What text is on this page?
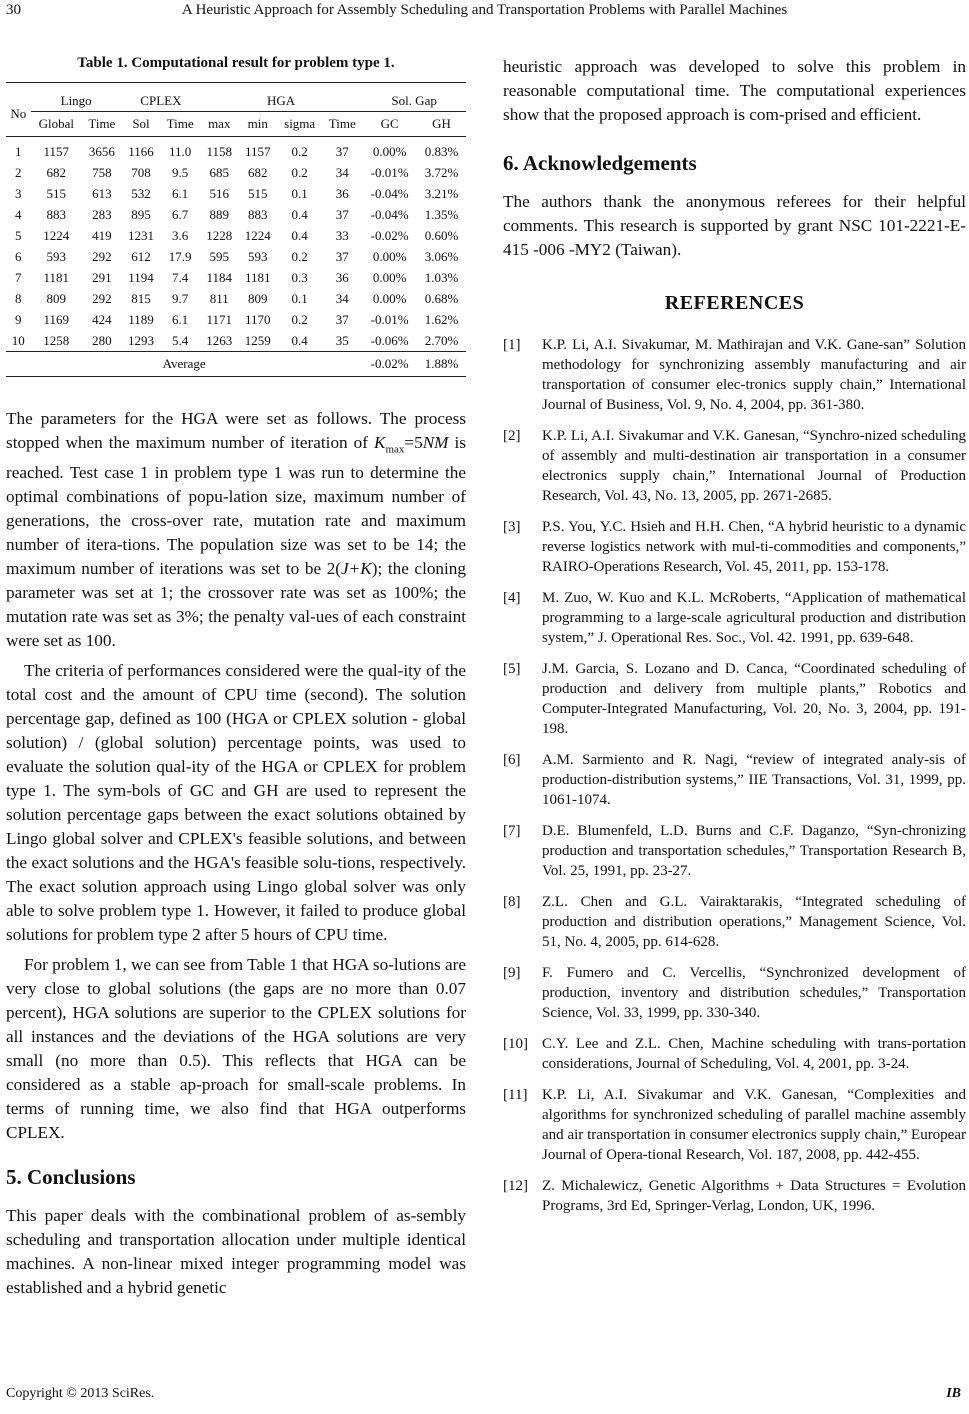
30	A Heuristic Approach for Assembly Scheduling and Transportation Problems with Parallel Machines
Table 1. Computational result for problem type 1.
No	Lingo		CPLEX		HGA				Sol. Gap	
	Global	Time	Sol	Time	max	min	sigma	Time	GC	GH
1	1157	3656	1166	11.0	1158	1157	0.2	37	0.00%	0.83%
2	682	758	708	9.5	685	682	0.2	34	-0.01%	3.72%
3	515	613	532	6.1	516	515	0.1	36	-0.04%	3.21%
4	883	283	895	6.7	889	883	0.4	37	-0.04%	1.35%
5	1224	419	1231	3.6	1228	1224	0.4	33	-0.02%	0.60%
6	593	292	612	17.9	595	593	0.2	37	0.00%	3.06%
7	1181	291	1194	7.4	1184	1181	0.3	36	0.00%	1.03%
8	809	292	815	9.7	811	809	0.1	34	0.00%	0.68%
9	1169	424	1189	6.1	1171	1170	0.2	37	-0.01%	1.62%
10	1258	280	1293	5.4	1263	1259	0.4	35	-0.06%	2.70%
Average									-0.02%	1.88%

The parameters for the HGA were set as follows. The process stopped when the maximum number of iteration of $K_{max}=5NM$ is reached. Test case 1 in problem type 1 was run to determine the optimal combinations of popu-lation size, maximum number of generations, the cross-over rate, mutation rate and maximum number of itera-tions. The population size was set to be 14; the maximum number of iterations was set to be 2(J+K); the cloning parameter was set at 1; the crossover rate was set as 100%; the mutation rate was set as 3%; the penalty val-ues of each constraint were set as 100.

The criteria of performances considered were the qual-ity of the total cost and the amount of CPU time (second). The solution percentage gap, defined as 100 (HGA or CPLEX solution - global solution) / (global solution) percentage points, was used to evaluate the solution qual-ity of the HGA or CPLEX for problem type 1. The sym-bols of GC and GH are used to represent the solution percentage gaps between the exact solutions obtained by Lingo global solver and CPLEX's feasible solutions, and between the exact solutions and the HGA's feasible solu-tions, respectively. The exact solution approach using Lingo global solver was only able to solve problem type 1. However, it failed to produce global solutions for problem type 2 after 5 hours of CPU time.

For problem 1, we can see from Table 1 that HGA so-lutions are very close to global solutions (the gaps are no more than 0.07 percent), HGA solutions are superior to the CPLEX solutions for all instances and the deviations of the HGA solutions are very small (no more than 0.5). This reflects that HGA can be considered as a stable ap-proach for small-scale problems. In terms of running time, we also find that HGA outperforms CPLEX.

5. Conclusions

This paper deals with the combinational problem of as-sembly scheduling and transportation allocation under multiple identical machines. A non-linear mixed integer programming model was established and a hybrid genetic

heuristic approach was developed to solve this problem in reasonable computational time. The computational experiences show that the proposed approach is com-prised and efficient.

6. Acknowledgements

The authors thank the anonymous referees for their helpful comments. This research is supported by grant NSC 101-2221-E-415 -006 -MY2 (Taiwan).

REFERENCES
[1]	K.P. Li, A.I. Sivakumar, M. Mathirajan and V.K. Gane-san” Solution methodology for synchronizing assembly manufacturing and air transportation of consumer elec-tronics supply chain,” International Journal of Business, Vol. 9, No. 4, 2004, pp. 361-380.
[2]	K.P. Li, A.I. Sivakumar and V.K. Ganesan, “Synchro-nized scheduling of assembly and multi-destination air transportation in a consumer electronics supply chain,” International Journal of Production Research, Vol. 43, No. 13, 2005, pp. 2671-2685.
[3]	P.S. You, Y.C. Hsieh and H.H. Chen, “A hybrid heuristic to a dynamic reverse logistics network with mul-ti-commodities and components,” RAIRO-Operations Research, Vol. 45, 2011, pp. 153-178.
[4]	M. Zuo, W. Kuo and K.L. McRoberts, “Application of mathematical programming to a large-scale agricultural production and distribution system,” J. Operational Res. Soc., Vol. 42. 1991, pp. 639-648.
[5]	J.M. Garcia, S. Lozano and D. Canca, “Coordinated scheduling of production and delivery from multiple plants,” Robotics and Computer-Integrated Manufacturing, Vol. 20, No. 3, 2004, pp. 191-198.
[6]	A.M. Sarmiento and R. Nagi, “review of integrated analy-sis of production-distribution systems,” IIE Transactions, Vol. 31, 1999, pp. 1061-1074.
[7]	D.E. Blumenfeld, L.D. Burns and C.F. Daganzo, “Syn-chronizing production and transportation schedules,” Transportation Research B, Vol. 25, 1991, pp. 23-27.
[8]	Z.L. Chen and G.L. Vairaktarakis, “Integrated scheduling of production and distribution operations,” Management Science, Vol. 51, No. 4, 2005, pp. 614-628.
[9]	F. Fumero and C. Vercellis, “Synchronized development of production, inventory and distribution schedules,” Transportation Science, Vol. 33, 1999, pp. 330-340.
[10] C.Y. Lee and Z.L. Chen, Machine scheduling with trans-portation considerations, Journal of Scheduling, Vol. 4, 2001, pp. 3-24.
[11] K.P. Li, A.I. Sivakumar and V.K. Ganesan, “Complexities and algorithms for synchronized scheduling of parallel machine assembly and air transportation in consumer electronics supply chain,” Europear Journal of Opera-tional Research, Vol. 187, 2008, pp. 442-455.
[12] Z. Michalewicz, Genetic Algorithms + Data Structures = Evolution Programs, 3rd Ed, Springer-Verlag, London, UK, 1996.
Copyright © 2013 SciRes.	IB
